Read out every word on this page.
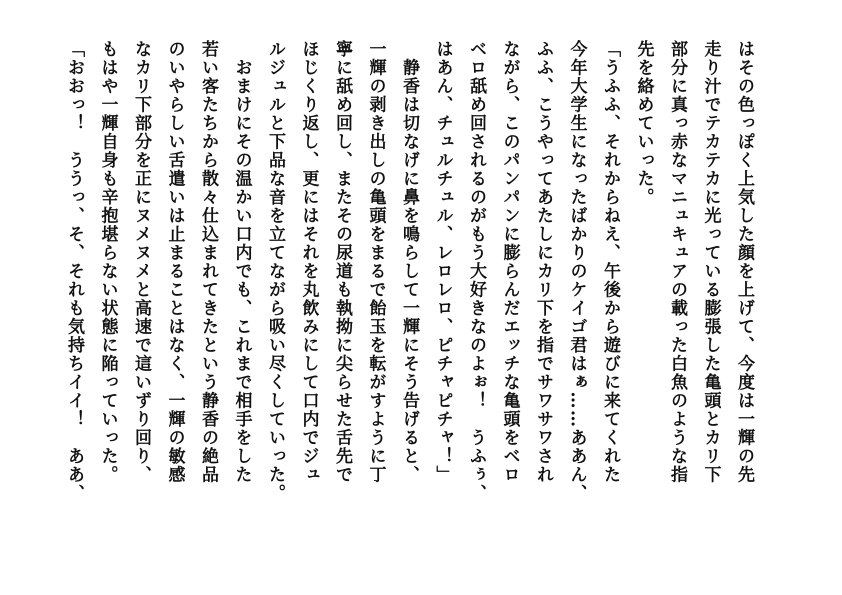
はその色っぽく上気した顔を上げて、今度は一輝の先
走り汁でテカテカに光っている膨張した亀頭とカリ下
部分に真っ赤なマニュキュアの載った白魚のような指
先を絡めていった。
「うふふ、それからねえ、午後から遊びに来てくれた
今年大学生になったばかりのケイゴ君はぁ……ああん、
ふふ、こうやってあたしにカリ下を指でサワサワされ
ながら、このパンパンに膨らんだエッチな亀頭をベロ
ベロ舐め回されるのがもう大好きなのよぉ！　うふぅ、
はあん、チュルチュル、レロレロ、ピチャピチャ！」
　静香は切なげに鼻を鳴らして一輝にそう告げると、
一輝の剥き出しの亀頭をまるで飴玉を転がすように丁
寧に舐め回し、またその尿道も執拗に尖らせた舌先で
ほじくり返し、更にはそれを丸飲みにして口内でジュ
ルジュルと下品な音を立てながら吸い尽くしていった。
　おまけにその温かい口内でも、これまで相手をした
若い客たちから散々仕込まれてきたという静香の絶品
のいやらしい舌遣いは止まることはなく、一輝の敏感
なカリ下部分を正にヌメヌメと高速で這いずり回り、
もはや一輝自身も辛抱堪らない状態に陥っていった。
「おおっ！　ううっ、そ、それも気持ちイイ！　ああ、
